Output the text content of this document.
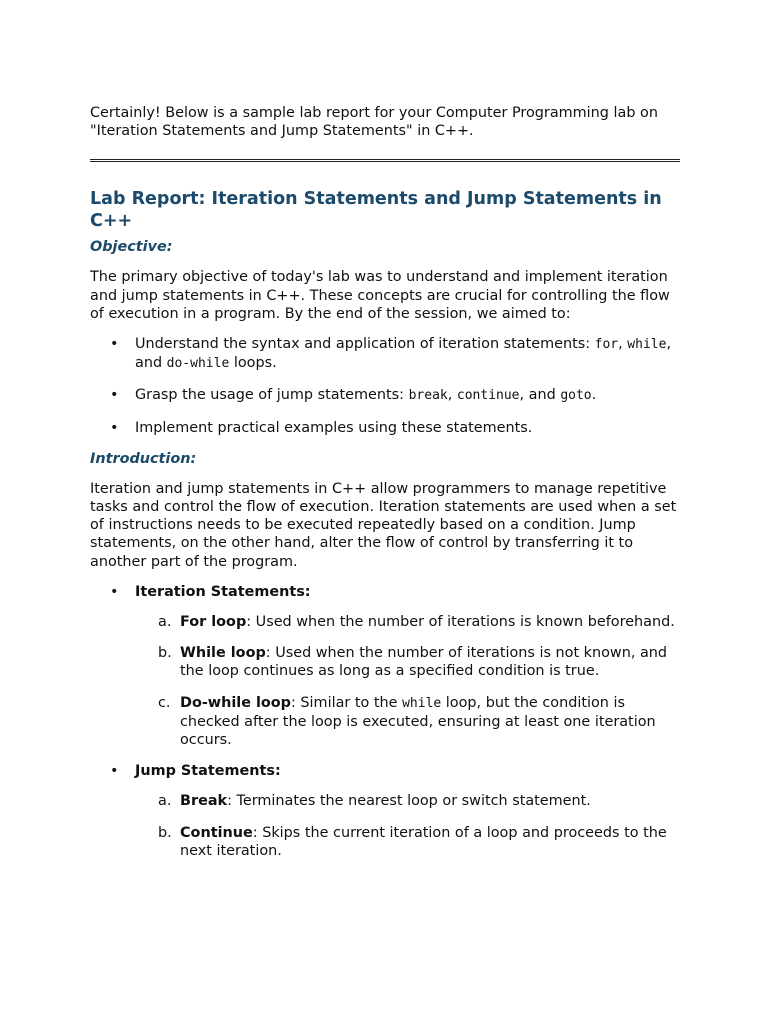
Certainly! Below is a sample lab report for your Computer Programming lab on "Iteration Statements and Jump Statements" in C++.

Lab Report: Iteration Statements and Jump Statements in C++
Objective:

The primary objective of today's lab was to understand and implement iteration and jump statements in C++. These concepts are crucial for controlling the flow of execution in a program. By the end of the session, we aimed to:

• Understand the syntax and application of iteration statements: for, while, and do-while loops.
• Grasp the usage of jump statements: break, continue, and goto.
• Implement practical examples using these statements.
Introduction:

Iteration and jump statements in C++ allow programmers to manage repetitive tasks and control the flow of execution. Iteration statements are used when a set of instructions needs to be executed repeatedly based on a condition. Jump statements, on the other hand, alter the flow of control by transferring it to another part of the program.

• Iteration Statements:
a. For loop: Used when the number of iterations is known beforehand.
b. While loop: Used when the number of iterations is not known, and the loop continues as long as a specified condition is true.
c. Do-while loop: Similar to the while loop, but the condition is checked after the loop is executed, ensuring at least one iteration occurs.
• Jump Statements:
a. Break: Terminates the nearest loop or switch statement.
b. Continue: Skips the current iteration of a loop and proceeds to the next iteration.
